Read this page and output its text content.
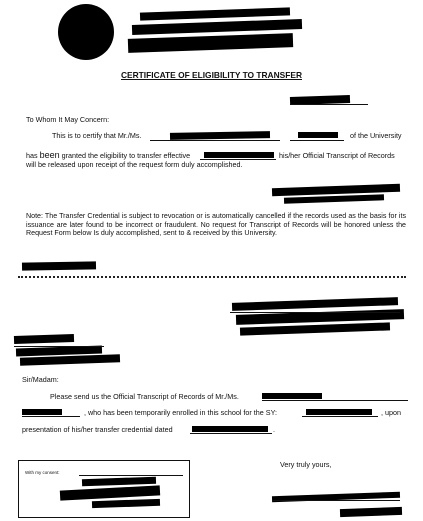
CERTIFICATE OF ELIGIBILITY TO TRANSFER
To Whom It May Concern:
This is to certify that Mr./Ms.	of the University
has been granted the eligibility to transfer effective	his/her Official Transcript of Records
will be released upon receipt of the request form duly accomplished.
Note: The Transfer Credential is subject to revocation or is automatically cancelled if the records used as the basis for its issuance are later found to be incorrect or fraudulent. No request for Transcript of Records will be honored unless the Request Form below Is duly accomplished, sent to & received by this University.
Sir/Madam:
Please send us the Official Transcript of Records of Mr./Ms.
, who has been temporarily enrolled in this school for the SY:	, upon
presentation of his/her transfer credential dated	.
Very truly yours,
With my consent:
